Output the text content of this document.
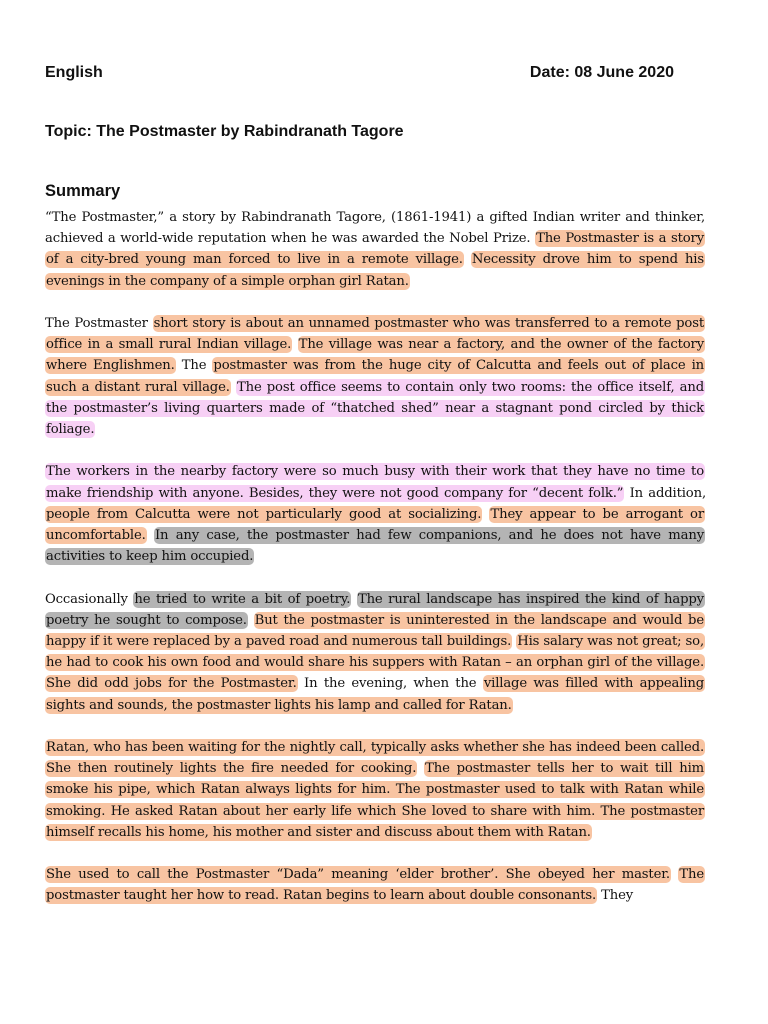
English	Date: 08 June 2020
Topic: The Postmaster by Rabindranath Tagore
Summary

“The Postmaster,” a story by Rabindranath Tagore, (1861-1941) a gifted Indian writer and thinker, achieved a world-wide reputation when he was awarded the Nobel Prize. The Postmaster is a story of a city-bred young man forced to live in a remote village. Necessity drove him to spend his evenings in the company of a simple orphan girl Ratan.

The Postmaster short story is about an unnamed postmaster who was transferred to a remote post office in a small rural Indian village. The village was near a factory, and the owner of the factory where Englishmen. The postmaster was from the huge city of Calcutta and feels out of place in such a distant rural village. The post office seems to contain only two rooms: the office itself, and the postmaster’s living quarters made of “thatched shed” near a stagnant pond circled by thick foliage.

The workers in the nearby factory were so much busy with their work that they have no time to make friendship with anyone. Besides, they were not good company for “decent folk.” In addition, people from Calcutta were not particularly good at socializing. They appear to be arrogant or uncomfortable. In any case, the postmaster had few companions, and he does not have many activities to keep him occupied.

Occasionally he tried to write a bit of poetry. The rural landscape has inspired the kind of happy poetry he sought to compose. But the postmaster is uninterested in the landscape and would be happy if it were replaced by a paved road and numerous tall buildings. His salary was not great; so, he had to cook his own food and would share his suppers with Ratan – an orphan girl of the village. She did odd jobs for the Postmaster. In the evening, when the village was filled with appealing sights and sounds, the postmaster lights his lamp and called for Ratan.

Ratan, who has been waiting for the nightly call, typically asks whether she has indeed been called. She then routinely lights the fire needed for cooking. The postmaster tells her to wait till him smoke his pipe, which Ratan always lights for him. The postmaster used to talk with Ratan while smoking. He asked Ratan about her early life which She loved to share with him. The postmaster himself recalls his home, his mother and sister and discuss about them with Ratan.

She used to call the Postmaster “Dada” meaning ‘elder brother’. She obeyed her master. The postmaster taught her how to read. Ratan begins to learn about double consonants. They
